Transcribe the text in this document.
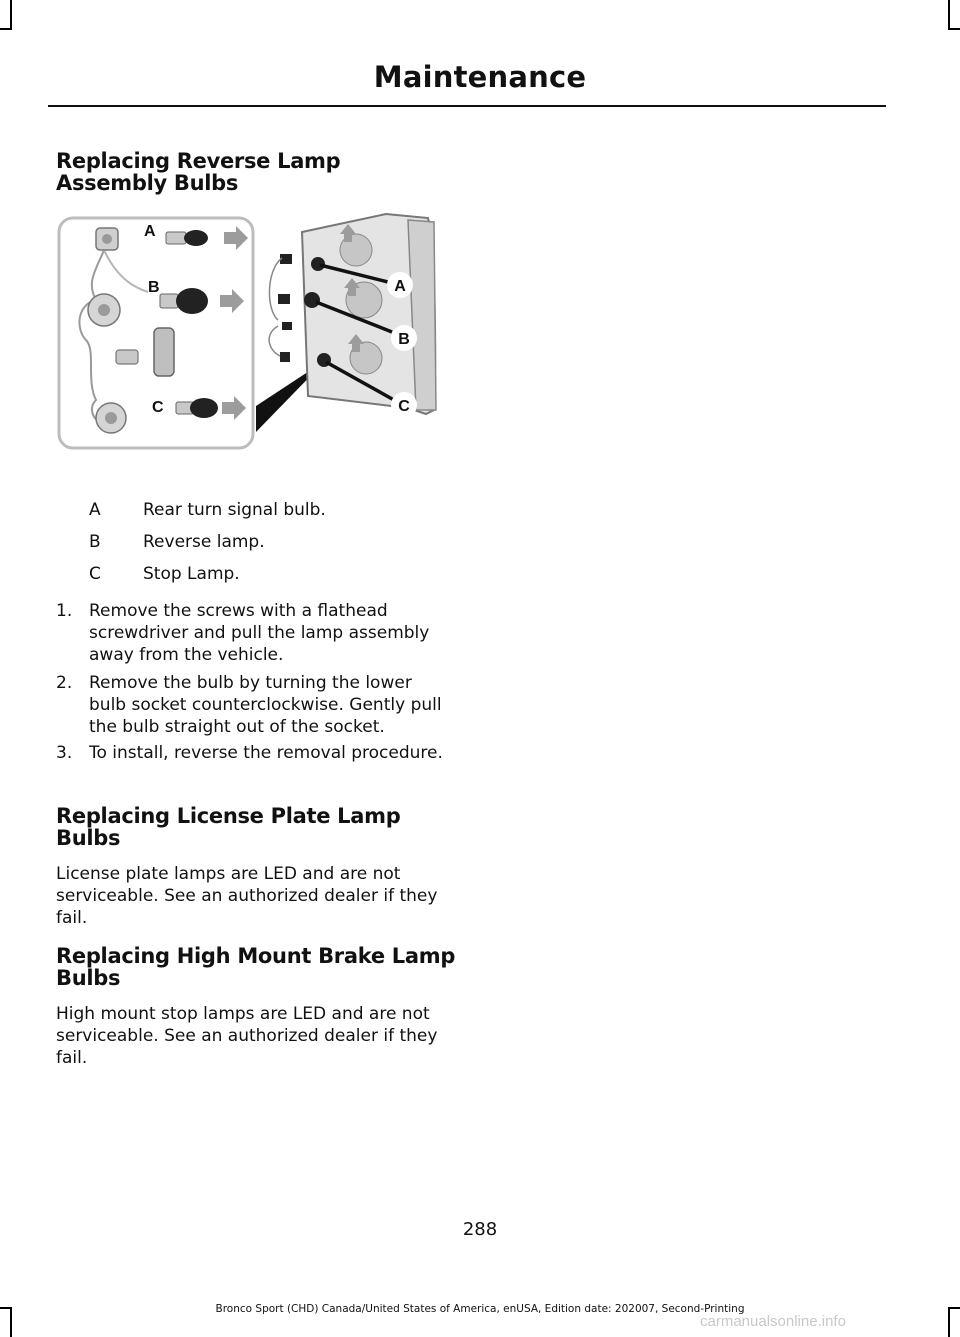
Maintenance
Replacing Reverse Lamp Assembly Bulbs
A
B
C
A
B
C
A Rear turn signal bulb.
B Reverse lamp.
C Stop Lamp.
1. Remove the screws with a flathead screwdriver and pull the lamp assembly away from the vehicle.
2. Remove the bulb by turning the lower bulb socket counterclockwise. Gently pull the bulb straight out of the socket.
3. To install, reverse the removal procedure.
Replacing License Plate Lamp Bulbs
License plate lamps are LED and are not serviceable. See an authorized dealer if they fail.
Replacing High Mount Brake Lamp Bulbs
High mount stop lamps are LED and are not serviceable. See an authorized dealer if they fail.
288
Bronco Sport (CHD) Canada/United States of America, enUSA, Edition date: 202007, Second-Printing
carmanualsonline.info
